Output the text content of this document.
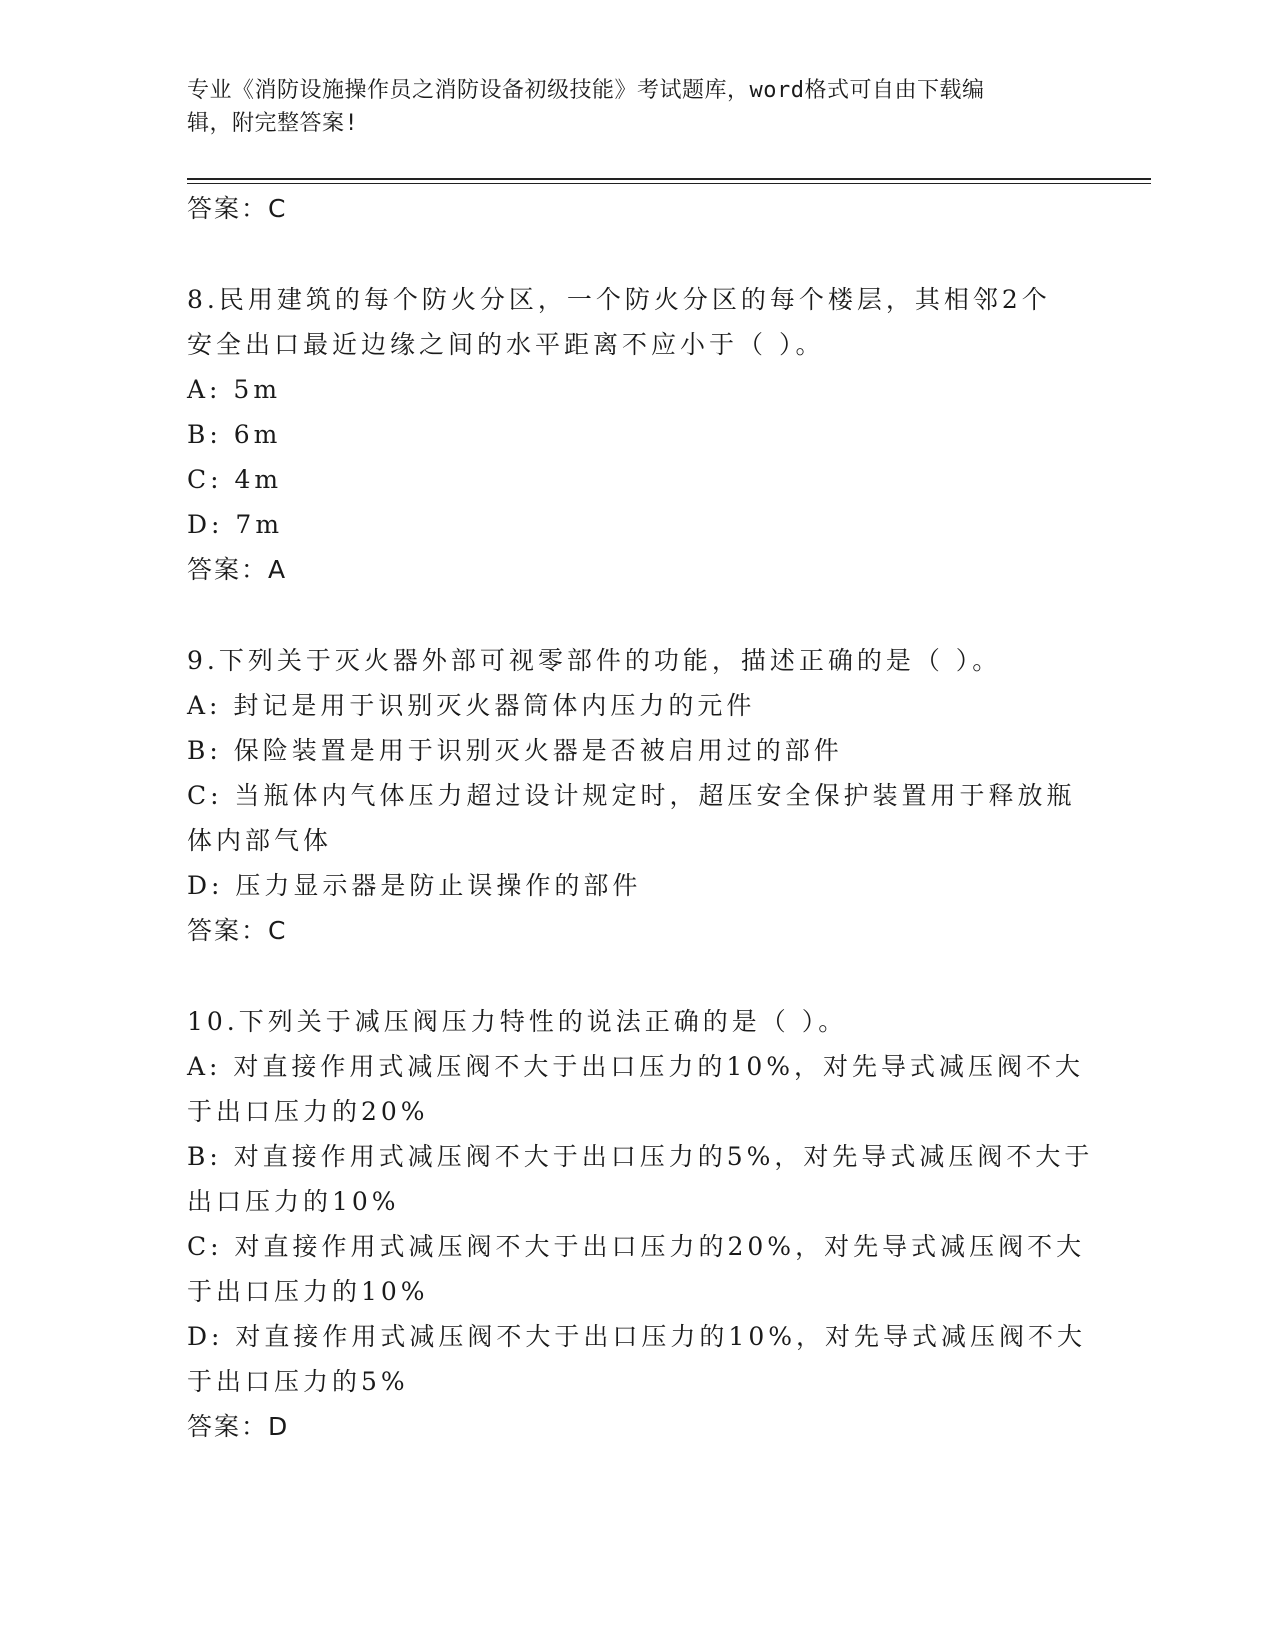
专业《消防设施操作员之消防设备初级技能》考试题库，word格式可自由下载编
辑，附完整答案!
答案：C
8.民用建筑的每个防火分区，一个防火分区的每个楼层，其相邻2个
安全出口最近边缘之间的水平距离不应小于（ ）。
A: 5m
B: 6m
C: 4m
D: 7m
答案：A
9.下列关于灭火器外部可视零部件的功能，描述正确的是（ ）。
A: 封记是用于识别灭火器筒体内压力的元件
B: 保险装置是用于识别灭火器是否被启用过的部件
C: 当瓶体内气体压力超过设计规定时，超压安全保护装置用于释放瓶
体内部气体
D: 压力显示器是防止误操作的部件
答案：C
10.下列关于减压阀压力特性的说法正确的是（ ）。
A: 对直接作用式减压阀不大于出口压力的10%，对先导式减压阀不大
于出口压力的20%
B: 对直接作用式减压阀不大于出口压力的5%，对先导式减压阀不大于
出口压力的10%
C: 对直接作用式减压阀不大于出口压力的20%，对先导式减压阀不大
于出口压力的10%
D: 对直接作用式减压阀不大于出口压力的10%，对先导式减压阀不大
于出口压力的5%
答案：D
